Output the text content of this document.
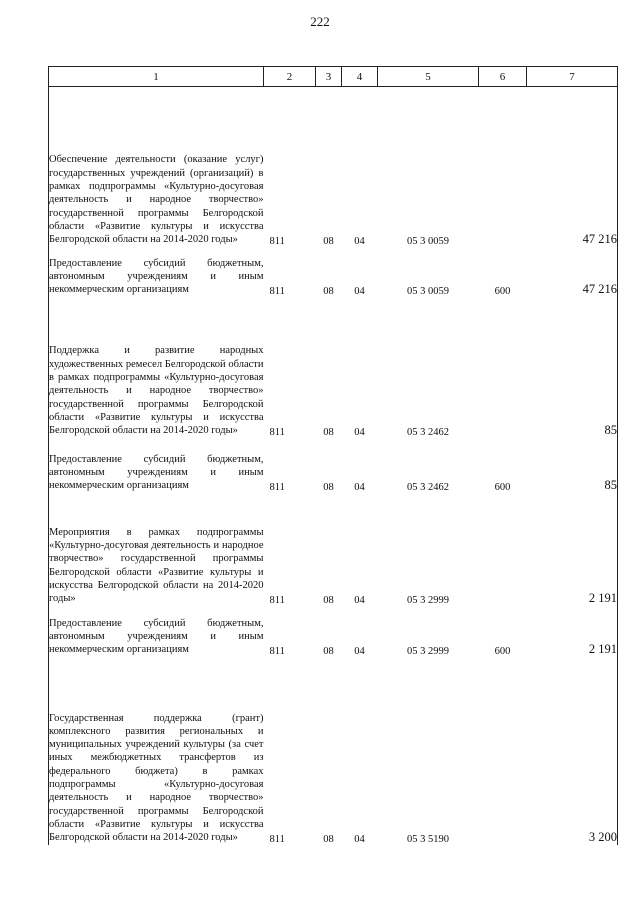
222
1	2	3	4	5	6	7

Обеспечение деятельности (оказание услуг) государственных учреждений (организаций) в рамках подпрограммы «Культурно-досуговая деятельность и народное творчество» государственной программы Белгородской области «Развитие культуры и искусства Белгородской области на 2014-2020 годы»	811	08	04	05 3 0059		47 216

Предоставление субсидий бюджетным, автономным учреждениям и иным некоммерческим организациям	811	08	04	05 3 0059	600	47 216

Поддержка и развитие народных художественных ремесел Белгородской области в рамках подпрограммы «Культурно-досуговая деятельность и народное творчество» государственной программы Белгородской области «Развитие культуры и искусства Белгородской области на 2014-2020 годы»	811	08	04	05 3 2462		85

Предоставление субсидий бюджетным, автономным учреждениям и иным некоммерческим организациям	811	08	04	05 3 2462	600	85

Мероприятия в рамках подпрограммы «Культурно-досуговая деятельность и народное творчество» государственной программы Белгородской области «Развитие культуры и искусства Белгородской области на 2014-2020 годы»	811	08	04	05 3 2999		2 191

Предоставление субсидий бюджетным, автономным учреждениям и иным некоммерческим организациям	811	08	04	05 3 2999	600	2 191

Государственная поддержка (грант) комплексного развития региональных и муниципальных учреждений культуры (за счет иных межбюджетных трансфертов из федерального бюджета) в рамках подпрограммы «Культурно-досуговая деятельность и народное творчество» государственной программы Белгородской области «Развитие культуры и искусства Белгородской области на 2014-2020 годы»	811	08	04	05 3 5190		3 200
